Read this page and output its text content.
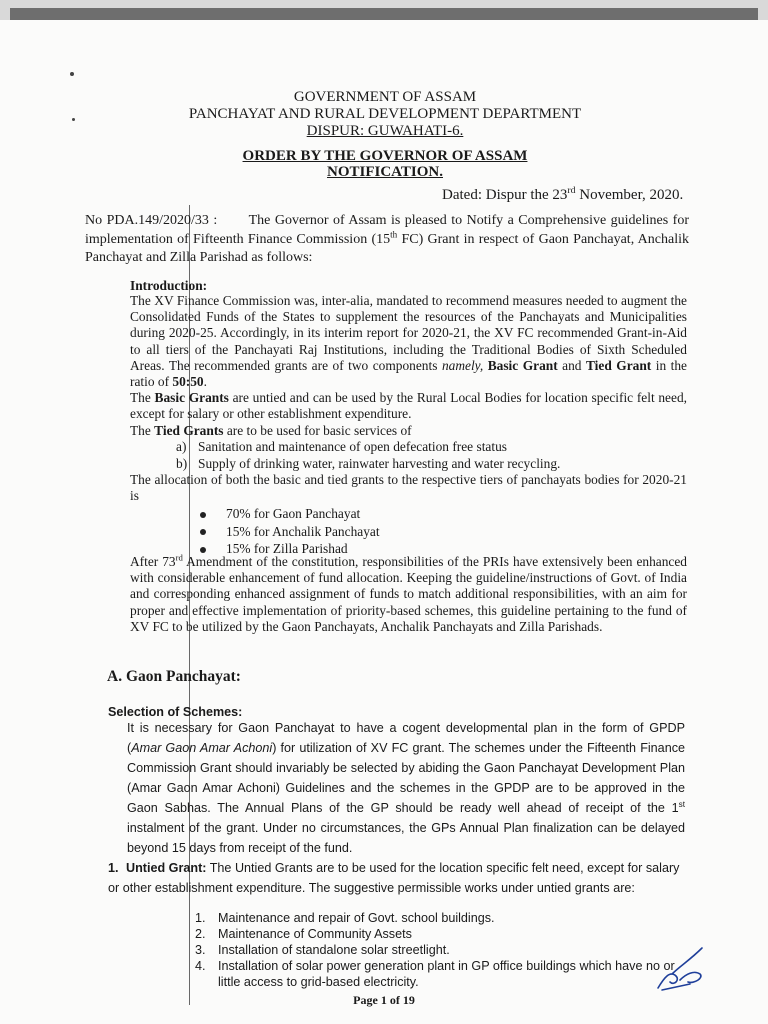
GOVERNMENT OF ASSAM
PANCHAYAT AND RURAL DEVELOPMENT DEPARTMENT
DISPUR: GUWAHATI-6.
ORDER BY THE GOVERNOR OF ASSAM
NOTIFICATION.
Dated: Dispur the 23rd November, 2020.
No PDA.149/2020/33 : The Governor of Assam is pleased to Notify a Comprehensive guidelines for implementation of Fifteenth Finance Commission (15th FC) Grant in respect of Gaon Panchayat, Anchalik Panchayat and Zilla Parishad as follows:
Introduction:
The XV Finance Commission was, inter-alia, mandated to recommend measures needed to augment the Consolidated Funds of the States to supplement the resources of the Panchayats and Municipalities during 2020-25. Accordingly, in its interim report for 2020-21, the XV FC recommended Grant-in-Aid to all tiers of the Panchayati Raj Institutions, including the Traditional Bodies of Sixth Scheduled Areas. The recommended grants are of two components namely, Basic Grant and Tied Grant in the ratio of 50:50.
The Basic Grants are untied and can be used by the Rural Local Bodies for location specific felt need, except for salary or other establishment expenditure.
The Tied Grants are to be used for basic services of
a) Sanitation and maintenance of open defecation free status
b) Supply of drinking water, rainwater harvesting and water recycling.
The allocation of both the basic and tied grants to the respective tiers of panchayats bodies for 2020-21 is
70% for Gaon Panchayat
15% for Anchalik Panchayat
15% for Zilla Parishad
After 73rd Amendment of the constitution, responsibilities of the PRIs have extensively been enhanced with considerable enhancement of fund allocation. Keeping the guideline/instructions of Govt. of India and corresponding enhanced assignment of funds to match additional responsibilities, with an aim for proper and effective implementation of priority-based schemes, this guideline pertaining to the fund of XV FC to be utilized by the Gaon Panchayats, Anchalik Panchayats and Zilla Parishads.
A. Gaon Panchayat:
Selection of Schemes:
It is necessary for Gaon Panchayat to have a cogent developmental plan in the form of GPDP (Amar Gaon Amar Achoni) for utilization of XV FC grant. The schemes under the Fifteenth Finance Commission Grant should invariably be selected by abiding the Gaon Panchayat Development Plan (Amar Gaon Amar Achoni) Guidelines and the schemes in the GPDP are to be approved in the Gaon Sabhas. The Annual Plans of the GP should be ready well ahead of receipt of the 1st instalment of the grant. Under no circumstances, the GPs Annual Plan finalization can be delayed beyond 15 days from receipt of the fund.
1. Untied Grant: The Untied Grants are to be used for the location specific felt need, except for salary or other establishment expenditure. The suggestive permissible works under untied grants are:
1. Maintenance and repair of Govt. school buildings.
2. Maintenance of Community Assets
3. Installation of standalone solar streetlight.
4. Installation of solar power generation plant in GP office buildings which have no or little access to grid-based electricity.
Page 1 of 19
